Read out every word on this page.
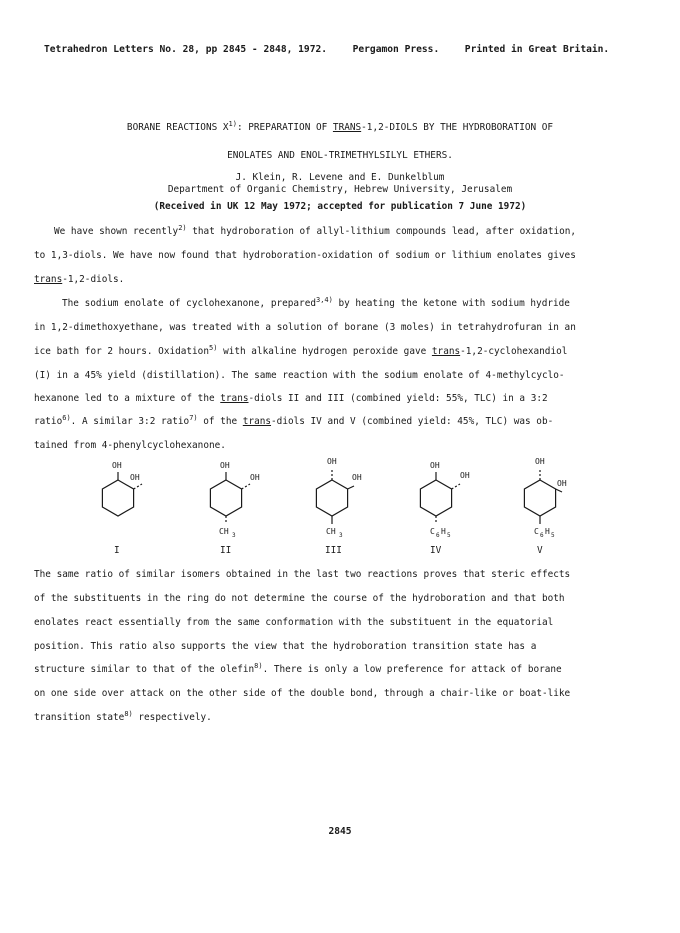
Tetrahedron Letters No. 28, pp 2845 - 2848, 1972.	Pergamon Press.	Printed in Great Britain.
BORANE REACTIONS $X^{1)}$: PREPARATION OF TRANS-1,2-DIOLS BY THE HYDROBORATION OF
ENOLATES AND ENOL-TRIMETHYLSILYL ETHERS.
J. Klein, R. Levene and E. Dunkelblum
Department of Organic Chemistry, Hebrew University, Jerusalem
(Received in UK 12 May 1972; accepted for publication 7 June 1972)
We have shown recently$^{2)}$ that hydroboration of allyl-lithium compounds lead, after oxidation,
to 1,3-diols. We have now found that hydroboration-oxidation of sodium or lithium enolates gives
trans-1,2-diols.
The sodium enolate of cyclohexanone, prepared$^{3,4)}$ by heating the ketone with sodium hydride
in 1,2-dimethoxyethane, was treated with a solution of borane (3 moles) in tetrahydrofuran in an
ice bath for 2 hours. Oxidation$^{5)}$ with alkaline hydrogen peroxide gave trans-1,2-cyclohexandiol
(I) in a 45% yield (distillation). The same reaction with the sodium enolate of 4-methylcyclo-
hexanone led to a mixture of the trans-diols II and III (combined yield: 55%, TLC) in a 3:2
ratio$^{6)}$. A similar 3:2 ratio$^{7)}$ of the trans-diols IV and V (combined yield: 45%, TLC) was ob-
tained from 4-phenylcyclohexanone.
OH
OH
OH
OH
CH 3
OH
OH
CH 3
OH
OH
C 6 H 5
OH
OH
C 6 H 5
I	II	III	IV	V
The same ratio of similar isomers obtained in the last two reactions proves that steric effects
of the substituents in the ring do not determine the course of the hydroboration and that both
enolates react essentially from the same conformation with the substituent in the equatorial
position. This ratio also supports the view that the hydroboration transition state has a
structure similar to that of the olefin$^{8)}$. There is only a low preference for attack of borane
on one side over attack on the other side of the double bond, through a chair-like or boat-like
transition state$^{8)}$ respectively.
2845
